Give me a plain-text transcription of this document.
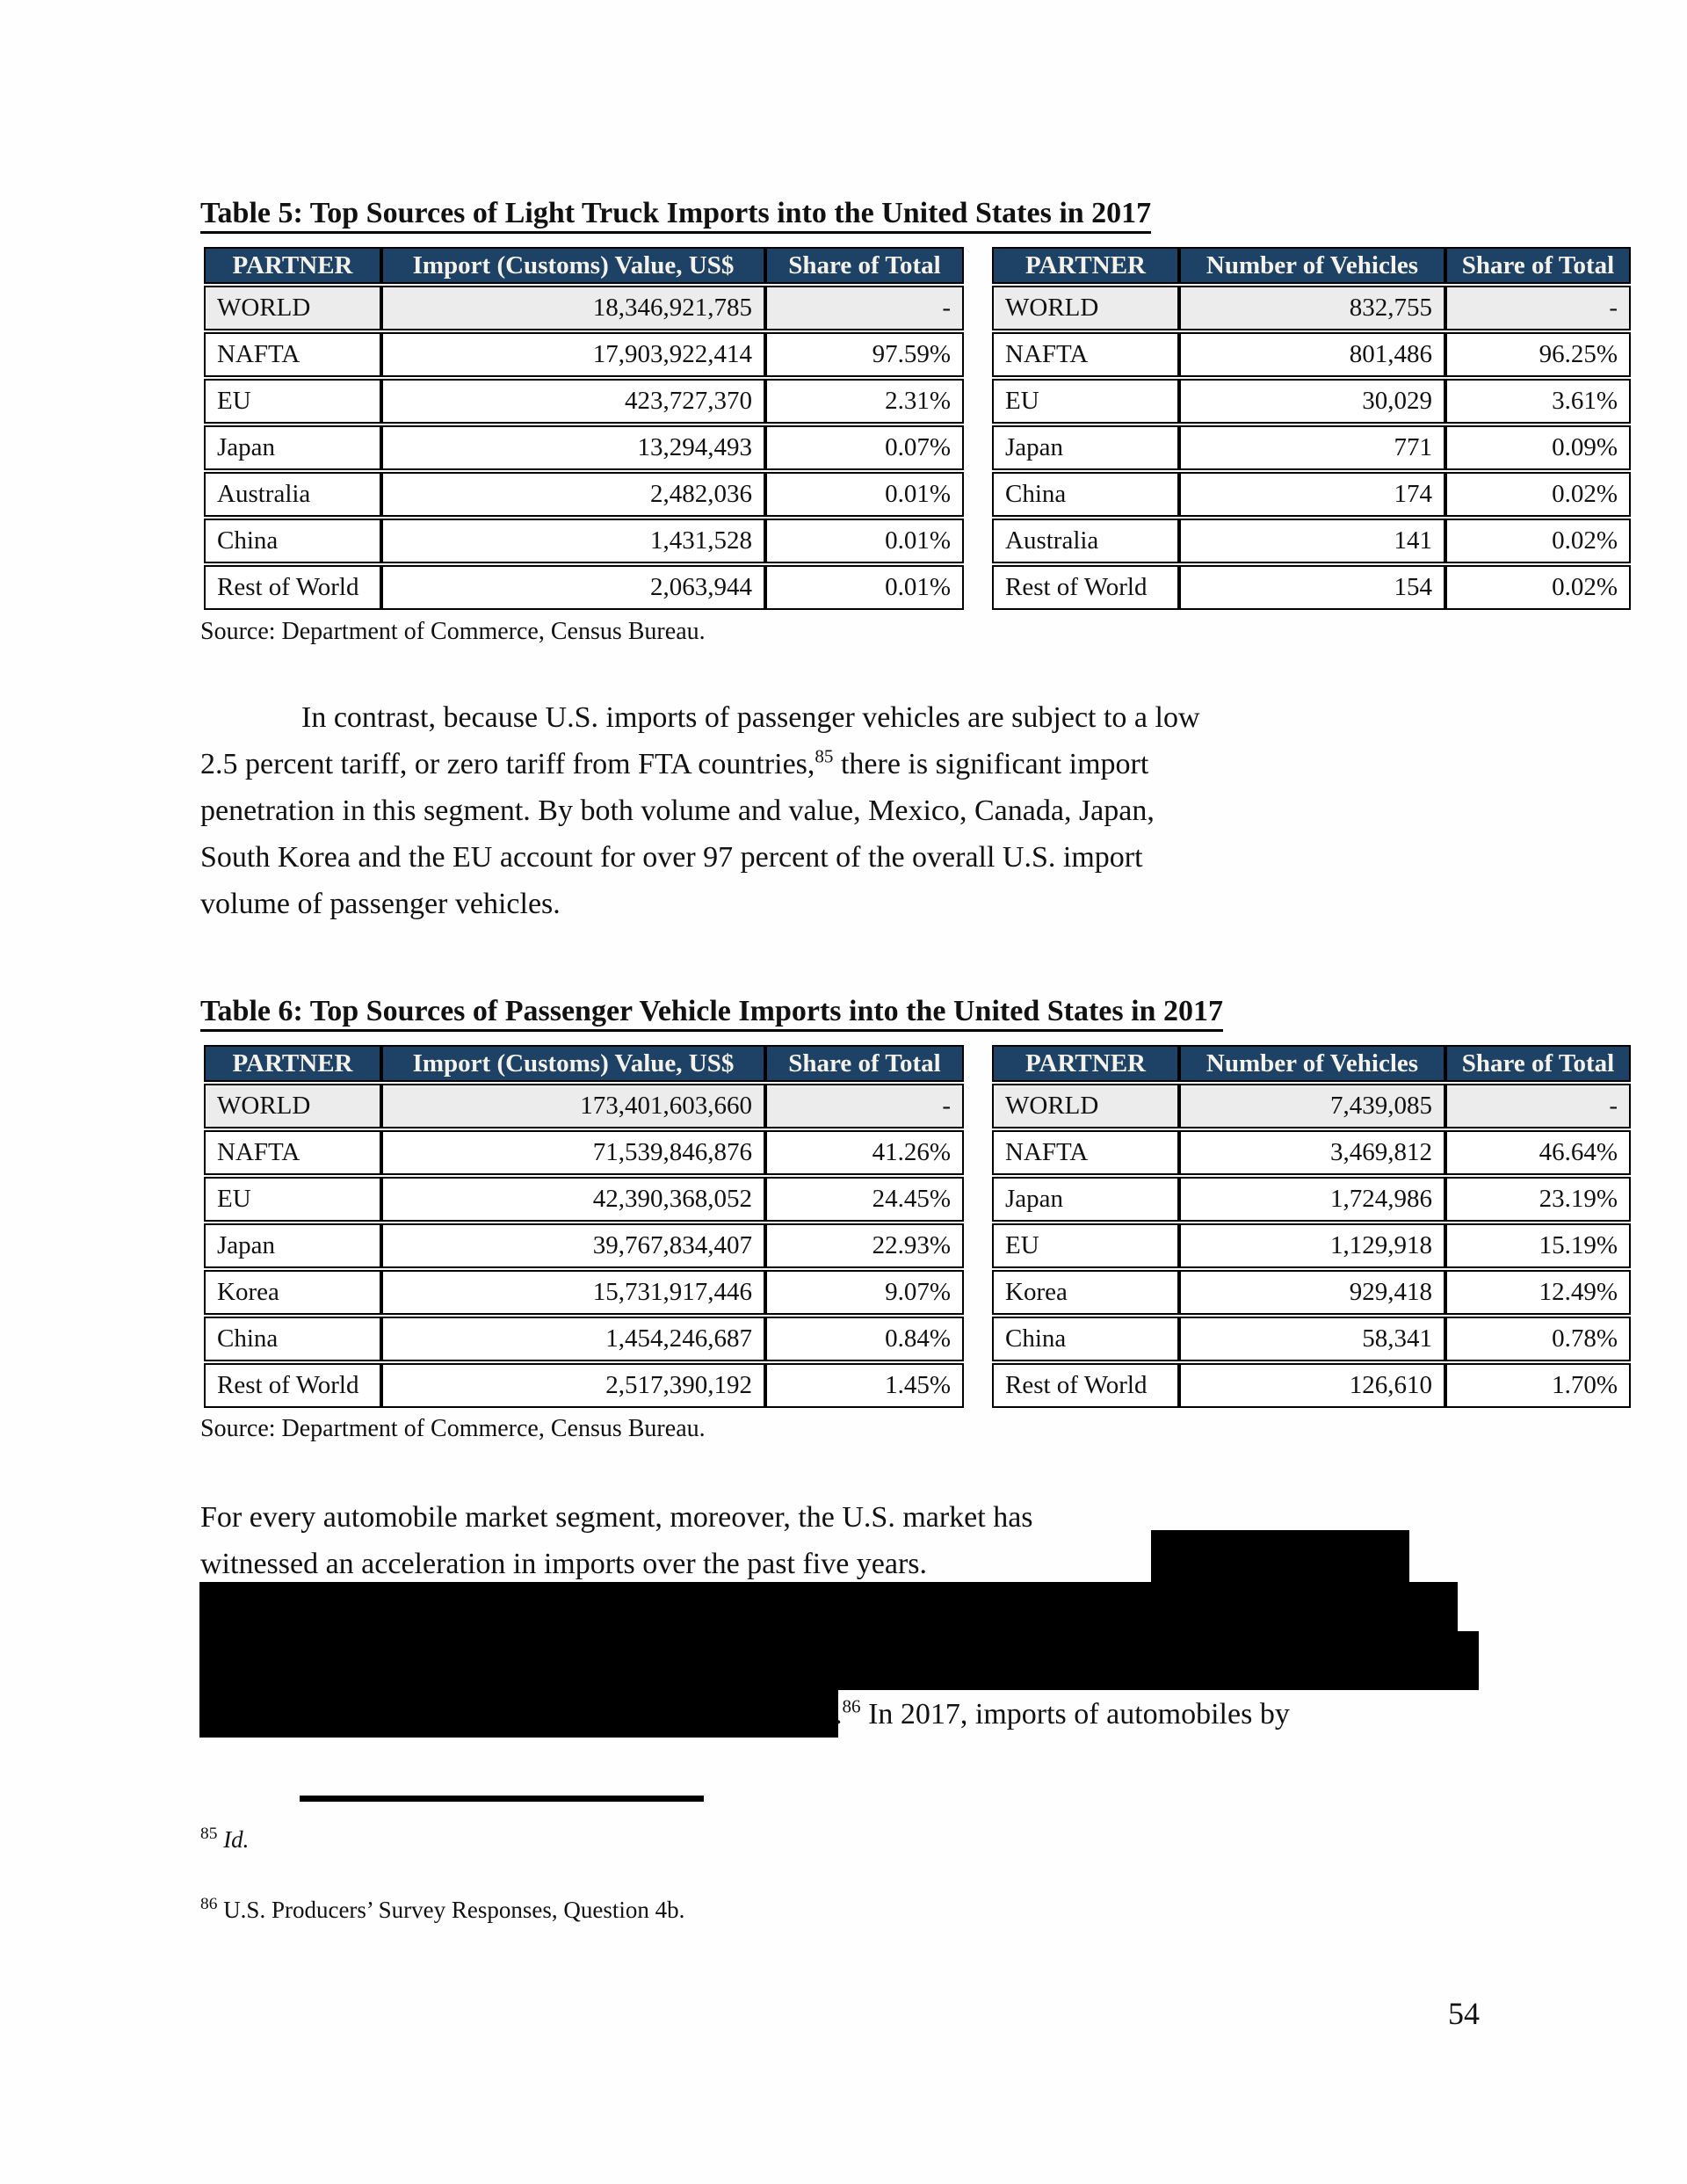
Table 5: Top Sources of Light Truck Imports into the United States in 2017
PARTNER	Import (Customs) Value, US$	Share of Total
WORLD	18,346,921,785	-
NAFTA	17,903,922,414	97.59%
EU	423,727,370	2.31%
Japan	13,294,493	0.07%
Australia	2,482,036	0.01%
China	1,431,528	0.01%
Rest of World	2,063,944	0.01%
PARTNER	Number of Vehicles	Share of Total
WORLD	832,755	-
NAFTA	801,486	96.25%
EU	30,029	3.61%
Japan	771	0.09%
China	174	0.02%
Australia	141	0.02%
Rest of World	154	0.02%
Source: Department of Commerce, Census Bureau.
In contrast, because U.S. imports of passenger vehicles are subject to a low
2.5 percent tariff, or zero tariff from FTA countries,$^{85}$ there is significant import
penetration in this segment. By both volume and value, Mexico, Canada, Japan,
South Korea and the EU account for over 97 percent of the overall U.S. import
volume of passenger vehicles.
Table 6: Top Sources of Passenger Vehicle Imports into the United States in 2017
PARTNER	Import (Customs) Value, US$	Share of Total
WORLD	173,401,603,660	-
NAFTA	71,539,846,876	41.26%
EU	42,390,368,052	24.45%
Japan	39,767,834,407	22.93%
Korea	15,731,917,446	9.07%
China	1,454,246,687	0.84%
Rest of World	2,517,390,192	1.45%
PARTNER	Number of Vehicles	Share of Total
WORLD	7,439,085	-
NAFTA	3,469,812	46.64%
Japan	1,724,986	23.19%
EU	1,129,918	15.19%
Korea	929,418	12.49%
China	58,341	0.78%
Rest of World	126,610	1.70%
Source: Department of Commerce, Census Bureau.
For every automobile market segment, moreover, the U.S. market has
witnessed an acceleration in imports over the past five years.
.$^{86}$ In 2017, imports of automobiles by
$^{85}$ Id.
$^{86}$ U.S. Producers’ Survey Responses, Question 4b.
54
